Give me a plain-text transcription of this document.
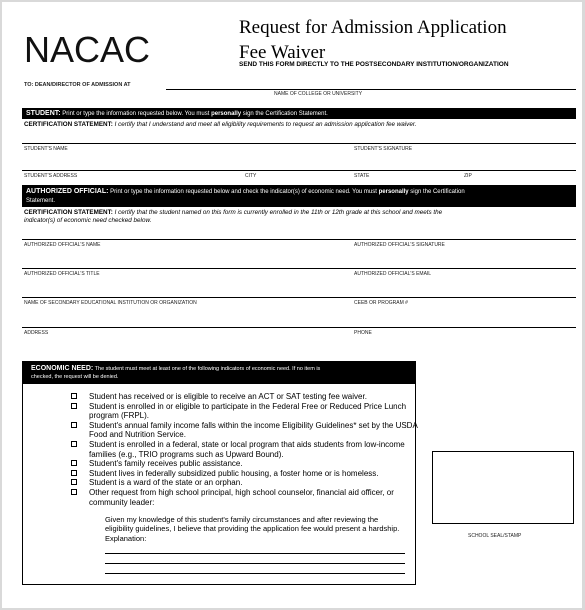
NACAC
Request for Admission Application
Fee Waiver
SEND THIS FORM DIRECTLY TO THE POSTSECONDARY INSTITUTION/ORGANIZATION
TO: DEAN/DIRECTOR OF ADMISSION AT
NAME OF COLLEGE OR UNIVERSITY
STUDENT: Print or type the information requested below. You must personally sign the Certification Statement.
CERTIFICATION STATEMENT: I certify that I understand and meet all eligibility requirements to request an admission application fee waiver.
STUDENT'S NAME	STUDENT'S SIGNATURE
STUDENT'S ADDRESS	CITY	STATE	ZIP
AUTHORIZED OFFICIAL: Print or type the information requested below and check the indicator(s) of economic need. You must personally sign the Certification
Statement.
CERTIFICATION STATEMENT: I certify that the student named on this form is currently enrolled in the 11th or 12th grade at this school and meets the
indicator(s) of economic need checked below.
AUTHORIZED OFFICIAL'S NAME	AUTHORIZED OFFICIAL'S SIGNATURE
AUTHORIZED OFFICIAL'S TITLE	AUTHORIZED OFFICIAL'S EMAIL
NAME OF SECONDARY EDUCATIONAL INSTITUTION OR ORGANIZATION	CEEB OR PROGRAM #
ADDRESS	PHONE
ECONOMIC NEED: The student must meet at least one of the following indicators of economic need. If no item is
checked, the request will be denied.
Student has received or is eligible to receive an ACT or SAT testing fee waiver.
Student is enrolled in or eligible to participate in the Federal Free or Reduced Price Lunch program (FRPL).
Student's annual family income falls within the income Eligibility Guidelines* set by the USDA Food and Nutrition Service.
Student is enrolled in a federal, state or local program that aids students from low-income families (e.g., TRIO programs such as Upward Bound).
Student's family receives public assistance.
Student lives in federally subsidized public housing, a foster home or is homeless.
Student is a ward of the state or an orphan.
Other request from high school principal, high school counselor, financial aid officer, or community leader:
Given my knowledge of this student's family circumstances and after reviewing the eligibility guidelines, I believe that providing the application fee would present a hardship. Explanation:	SCHOOL SEAL/STAMP
